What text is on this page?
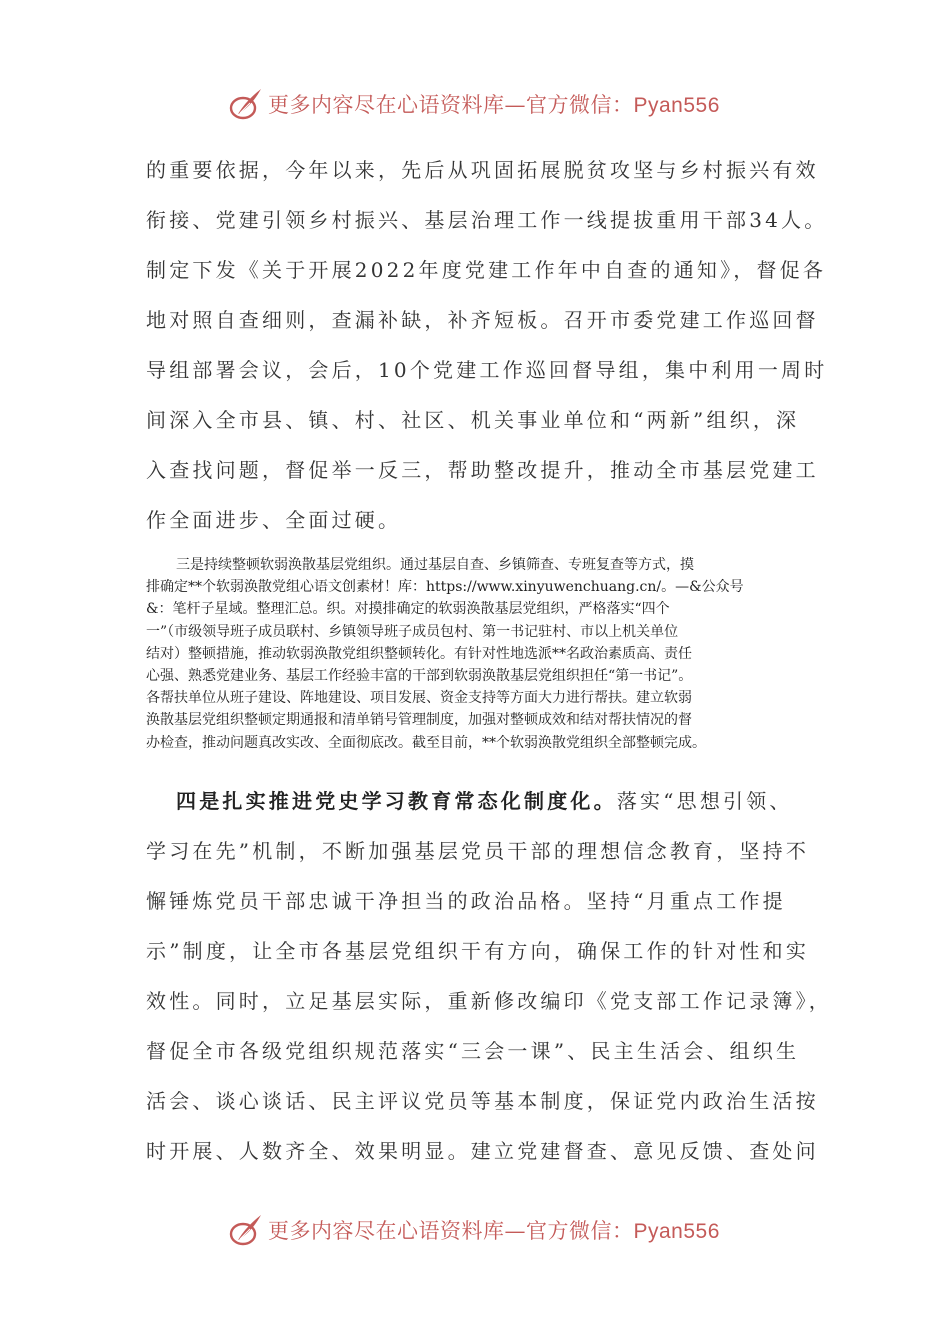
更多内容尽在心语资料库—官方微信：Pyan556
的重要依据，今年以来，先后从巩固拓展脱贫攻坚与乡村振兴有效
衔接、党建引领乡村振兴、基层治理工作一线提拔重用干部34人。
制定下发《关于开展2022年度党建工作年中自查的通知》，督促各
地对照自查细则，查漏补缺，补齐短板。召开市委党建工作巡回督
导组部署会议，会后，10个党建工作巡回督导组，集中利用一周时
间深入全市县、镇、村、社区、机关事业单位和“两新”组织，深
入查找问题，督促举一反三，帮助整改提升，推动全市基层党建工
作全面进步、全面过硬。
三是持续整顿软弱涣散基层党组织。通过基层自查、乡镇筛查、专班复查等方式，摸
排确定**个软弱涣散党组心语文创素材！库：https://www.xinyuwenchuang.cn/。—&公众号
&：笔杆子星域。整理汇总。织。对摸排确定的软弱涣散基层党组织，严格落实“四个
一”（市级领导班子成员联村、乡镇领导班子成员包村、第一书记驻村、市以上机关单位
结对）整顿措施，推动软弱涣散党组织整顿转化。有针对性地选派**名政治素质高、责任
心强、熟悉党建业务、基层工作经验丰富的干部到软弱涣散基层党组织担任“第一书记”。
各帮扶单位从班子建设、阵地建设、项目发展、资金支持等方面大力进行帮扶。建立软弱
涣散基层党组织整顿定期通报和清单销号管理制度，加强对整顿成效和结对帮扶情况的督
办检查，推动问题真改实改、全面彻底改。截至目前，**个软弱涣散党组织全部整顿完成。
四是扎实推进党史学习教育常态化制度化。落实“思想引领、
学习在先”机制，不断加强基层党员干部的理想信念教育，坚持不
懈锤炼党员干部忠诚干净担当的政治品格。坚持“月重点工作提
示”制度，让全市各基层党组织干有方向，确保工作的针对性和实
效性。同时，立足基层实际，重新修改编印《党支部工作记录簿》，
督促全市各级党组织规范落实“三会一课”、民主生活会、组织生
活会、谈心谈话、民主评议党员等基本制度，保证党内政治生活按
时开展、人数齐全、效果明显。建立党建督查、意见反馈、查处问
更多内容尽在心语资料库—官方微信：Pyan556
